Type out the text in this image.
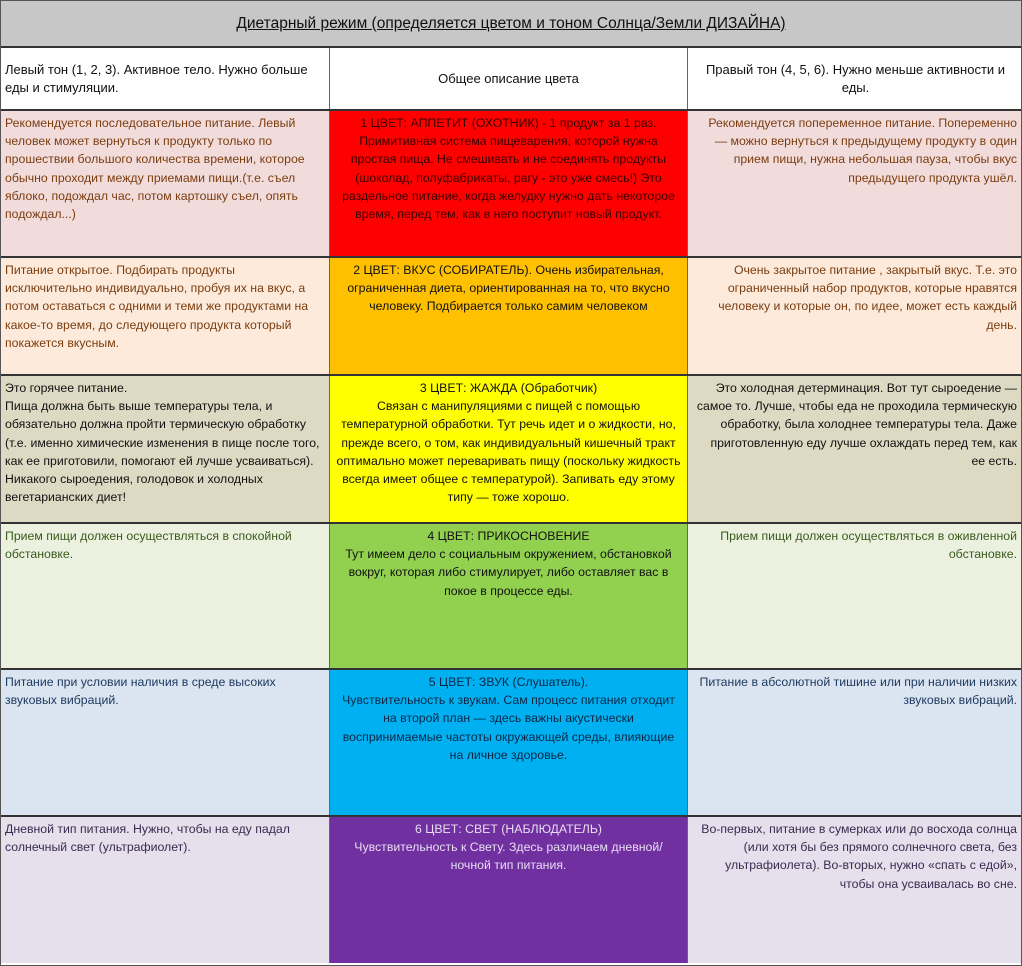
Диетарный режим (определяется цветом и тоном Солнца/Земли ДИЗАЙНА)
Левый тон (1, 2, 3). Активное тело. Нужно больше еды и стимуляции.
Общее описание цвета
Правый тон (4, 5, 6). Нужно меньше активности и еды.
Рекомендуется последовательное питание. Левый человек может вернуться к продукту только по прошествии большого количества времени, которое обычно проходит между приемами пищи.(т.е. съел яблоко, подождал час, потом картошку съел, опять подождал...)
1 ЦВЕТ: АППЕТИТ (ОХОТНИК) - 1 продукт за 1 раз. Примитивная система пищеварения, которой нужна простая пища. Не смешивать и не соединять продукты (шоколад, полуфабрикаты, рагу - это уже смесь!) Это раздельное питание, когда желудку нужно дать некоторое время, перед тем, как в него поступит новый продукт.
Рекомендуется попеременное питание. Попеременно — можно вернуться к предыдущему продукту в один прием пищи, нужна небольшая пауза, чтобы вкус предыдущего продукта ушёл.
Питание открытое. Подбирать продукты исключительно индивидуально, пробуя их на вкус, а потом оставаться с одними и теми же продуктами на какое-то время, до следующего продукта который покажется вкусным.
2 ЦВЕТ: ВКУС (СОБИРАТЕЛЬ). Очень избирательная, ограниченная диета, ориентированная на то, что вкусно человеку. Подбирается только самим человеком
Очень закрытое питание , закрытый вкус. Т.е. это ограниченный набор продуктов, которые нравятся человеку и которые он, по идее, может есть каждый день.
Это горячее питание.
Пища должна быть выше температуры тела, и обязательно должна пройти термическую обработку (т.е. именно химические изменения в пище после того, как ее приготовили, помогают ей лучше усваиваться). Никакого сыроедения, голодовок и холодных вегетарианских диет!
3 ЦВЕТ: ЖАЖДА (Обработчик)
Связан с манипуляциями с пищей с помощью температурной обработки. Тут речь идет и о жидкости, но, прежде всего, о том, как индивидуальный кишечный тракт оптимально может переваривать пищу (поскольку жидкость всегда имеет общее с температурой). Запивать еду этому типу — тоже хорошо.
Это холодная детерминация. Вот тут сыроедение — самое то. Лучше, чтобы еда не проходила термическую обработку, была холоднее температуры тела. Даже приготовленную еду лучше охлаждать перед тем, как ее есть.
Прием пищи должен осуществляться в спокойной обстановке.
4 ЦВЕТ: ПРИКОСНОВЕНИЕ
Тут имеем дело с социальным окружением, обстановкой вокруг, которая либо стимулирует, либо оставляет вас в покое в процессе еды.
Прием пищи должен осуществляться в оживленной обстановке.
Питание при условии наличия в среде высоких звуковых вибраций.
5 ЦВЕТ: ЗВУК (Слушатель).
Чувствительность к звукам. Сам процесс питания отходит на второй план — здесь важны акустически воспринимаемые частоты окружающей среды, влияющие на личное здоровье.
Питание в абсолютной тишине или при наличии низких звуковых вибраций.
Дневной тип питания. Нужно, чтобы на еду падал солнечный свет (ультрафиолет).
6 ЦВЕТ: СВЕТ (НАБЛЮДАТЕЛЬ)
Чувствительность к Свету. Здесь различаем дневной/ ночной тип питания.
Во-первых, питание в сумерках или до восхода солнца (или хотя бы без прямого солнечного света, без ультрафиолета). Во-вторых, нужно «спать с едой», чтобы она усваивалась во сне.
